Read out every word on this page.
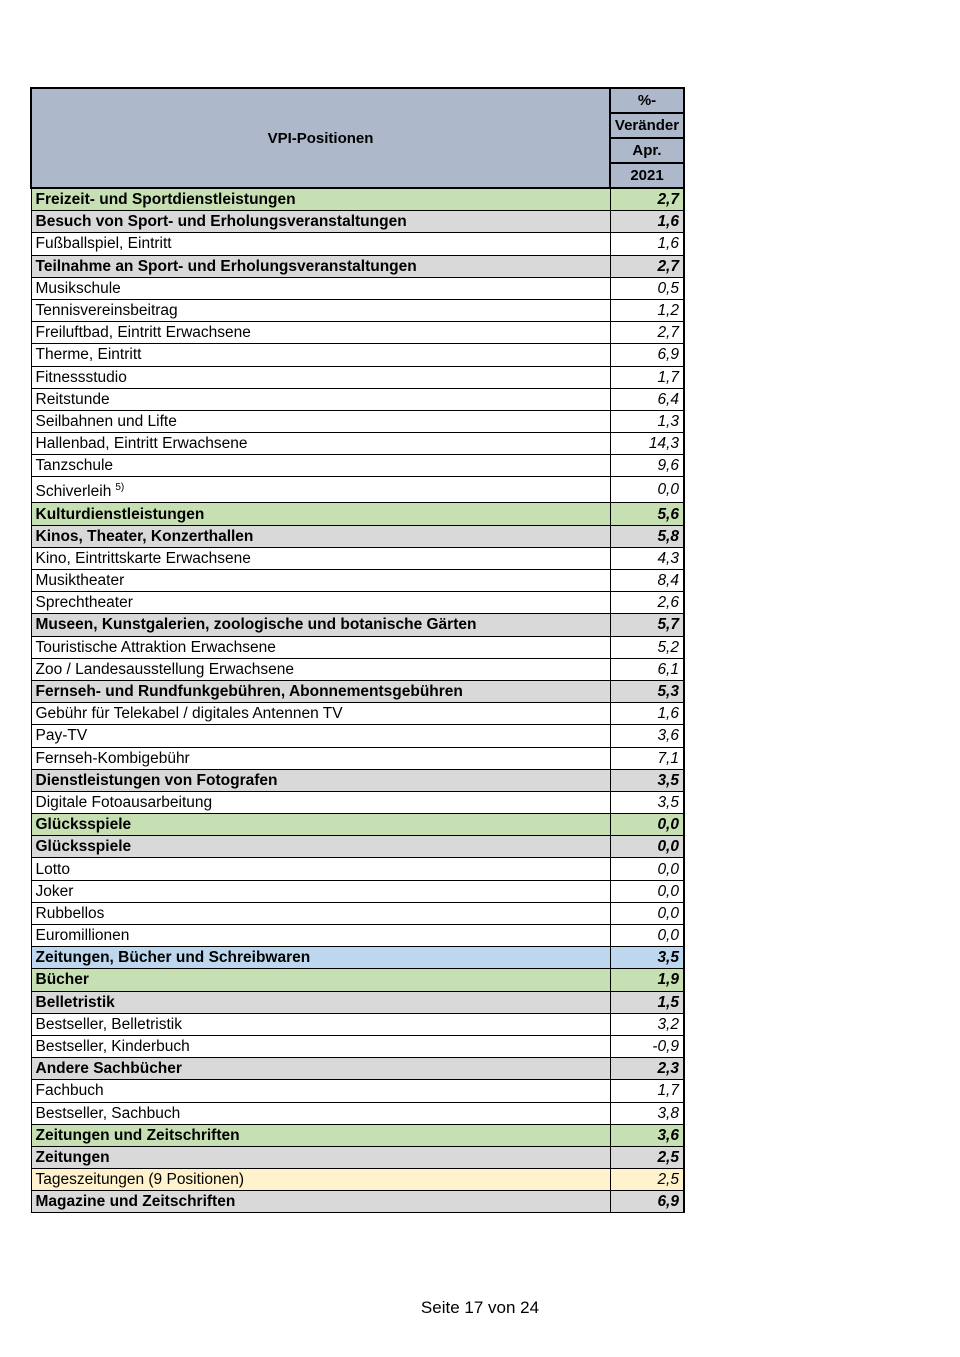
VPI-Positionen	%-
	Veränder
	Apr.
	2021
Freizeit- und Sportdienstleistungen	2,7
Besuch von Sport- und Erholungsveranstaltungen	1,6
Fußballspiel, Eintritt	1,6
Teilnahme an Sport- und Erholungsveranstaltungen	2,7
Musikschule	0,5
Tennisvereinsbeitrag	1,2
Freiluftbad, Eintritt Erwachsene	2,7
Therme, Eintritt	6,9
Fitnessstudio	1,7
Reitstunde	6,4
Seilbahnen und Lifte	1,3
Hallenbad, Eintritt Erwachsene	14,3
Tanzschule	9,6
Schiverleih $^{5)}$	0,0
Kulturdienstleistungen	5,6
Kinos, Theater, Konzerthallen	5,8
Kino, Eintrittskarte Erwachsene	4,3
Musiktheater	8,4
Sprechtheater	2,6
Museen, Kunstgalerien, zoologische und botanische Gärten	5,7
Touristische Attraktion Erwachsene	5,2
Zoo / Landesausstellung Erwachsene	6,1
Fernseh- und Rundfunkgebühren, Abonnementsgebühren	5,3
Gebühr für Telekabel / digitales Antennen TV	1,6
Pay-TV	3,6
Fernseh-Kombigebühr	7,1
Dienstleistungen von Fotografen	3,5
Digitale Fotoausarbeitung	3,5
Glücksspiele	0,0
Glücksspiele	0,0
Lotto	0,0
Joker	0,0
Rubbellos	0,0
Euromillionen	0,0
Zeitungen, Bücher und Schreibwaren	3,5
Bücher	1,9
Belletristik	1,5
Bestseller, Belletristik	3,2
Bestseller, Kinderbuch	-0,9
Andere Sachbücher	2,3
Fachbuch	1,7
Bestseller, Sachbuch	3,8
Zeitungen und Zeitschriften	3,6
Zeitungen	2,5
Tageszeitungen (9 Positionen)	2,5
Magazine und Zeitschriften	6,9
Seite 17 von 24
